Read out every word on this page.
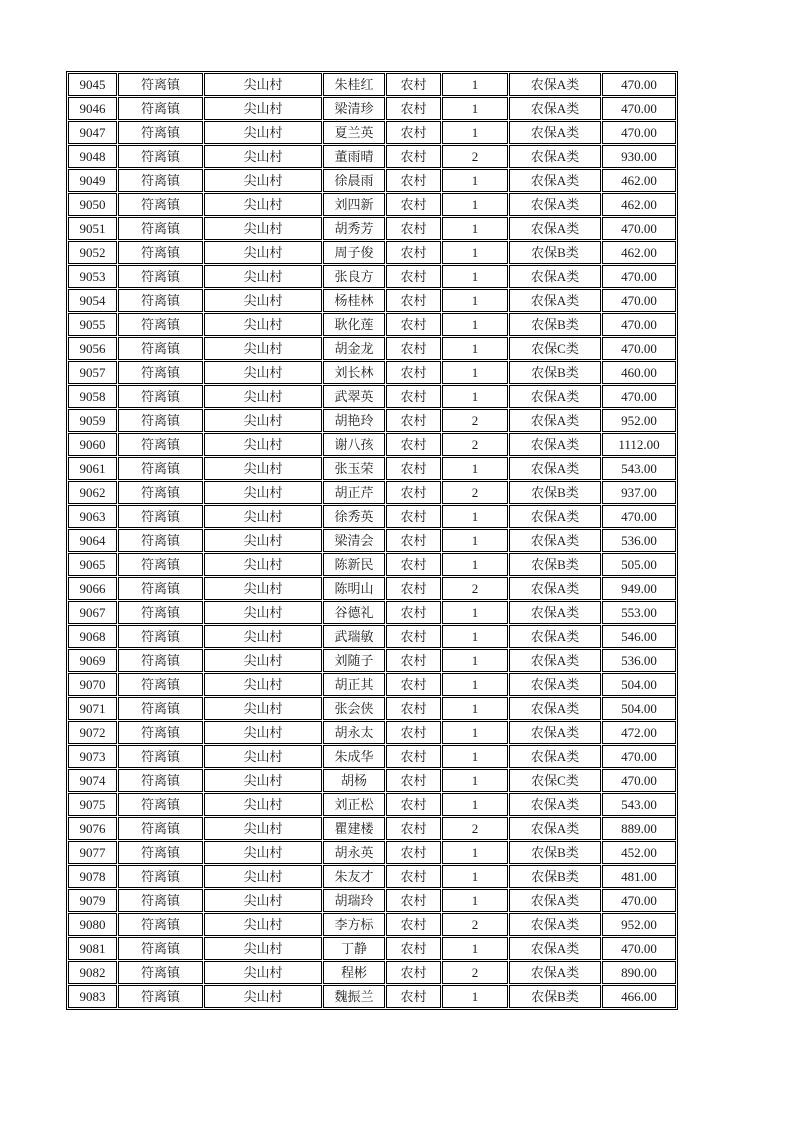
9045	符离镇	尖山村	朱桂红	农村	1	农保A类	470.00
9046	符离镇	尖山村	梁清珍	农村	1	农保A类	470.00
9047	符离镇	尖山村	夏兰英	农村	1	农保A类	470.00
9048	符离镇	尖山村	董雨晴	农村	2	农保A类	930.00
9049	符离镇	尖山村	徐晨雨	农村	1	农保A类	462.00
9050	符离镇	尖山村	刘四新	农村	1	农保A类	462.00
9051	符离镇	尖山村	胡秀芳	农村	1	农保A类	470.00
9052	符离镇	尖山村	周子俊	农村	1	农保B类	462.00
9053	符离镇	尖山村	张良方	农村	1	农保A类	470.00
9054	符离镇	尖山村	杨桂林	农村	1	农保A类	470.00
9055	符离镇	尖山村	耿化莲	农村	1	农保B类	470.00
9056	符离镇	尖山村	胡金龙	农村	1	农保C类	470.00
9057	符离镇	尖山村	刘长林	农村	1	农保B类	460.00
9058	符离镇	尖山村	武翠英	农村	1	农保A类	470.00
9059	符离镇	尖山村	胡艳玲	农村	2	农保A类	952.00
9060	符离镇	尖山村	谢八孩	农村	2	农保A类	1112.00
9061	符离镇	尖山村	张玉荣	农村	1	农保A类	543.00
9062	符离镇	尖山村	胡正芹	农村	2	农保B类	937.00
9063	符离镇	尖山村	徐秀英	农村	1	农保A类	470.00
9064	符离镇	尖山村	梁清会	农村	1	农保A类	536.00
9065	符离镇	尖山村	陈新民	农村	1	农保B类	505.00
9066	符离镇	尖山村	陈明山	农村	2	农保A类	949.00
9067	符离镇	尖山村	谷德礼	农村	1	农保A类	553.00
9068	符离镇	尖山村	武瑞敏	农村	1	农保A类	546.00
9069	符离镇	尖山村	刘随子	农村	1	农保A类	536.00
9070	符离镇	尖山村	胡正其	农村	1	农保A类	504.00
9071	符离镇	尖山村	张会侠	农村	1	农保A类	504.00
9072	符离镇	尖山村	胡永太	农村	1	农保A类	472.00
9073	符离镇	尖山村	朱成华	农村	1	农保A类	470.00
9074	符离镇	尖山村	胡杨	农村	1	农保C类	470.00
9075	符离镇	尖山村	刘正松	农村	1	农保A类	543.00
9076	符离镇	尖山村	瞿建楼	农村	2	农保A类	889.00
9077	符离镇	尖山村	胡永英	农村	1	农保B类	452.00
9078	符离镇	尖山村	朱友才	农村	1	农保B类	481.00
9079	符离镇	尖山村	胡瑞玲	农村	1	农保A类	470.00
9080	符离镇	尖山村	李方标	农村	2	农保A类	952.00
9081	符离镇	尖山村	丁静	农村	1	农保A类	470.00
9082	符离镇	尖山村	程彬	农村	2	农保A类	890.00
9083	符离镇	尖山村	魏振兰	农村	1	农保B类	466.00
